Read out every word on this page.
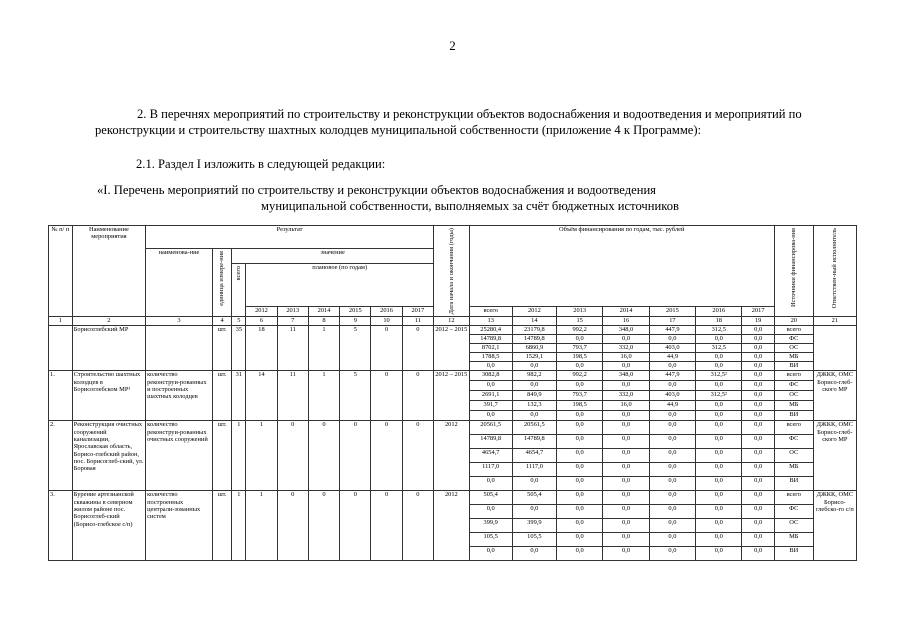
2
2. В перечнях мероприятий по строительству и реконструкции объектов водоснабжения и водоотведения и мероприятий по реконструкции и строительству шахтных колодцев муниципальной собственности (приложение 4 к Программе):
2.1. Раздел I изложить в следующей редакции:
«I. Перечень мероприятий по строительству и реконструкции объектов водоснабжения и водоотведения
муниципальной собственности, выполняемых за счёт бюджетных источников
№ п/ п	Наименование мероприятия	Результат									Дата начала и окончания (годы)	Объём финансирования по годам, тыс. рублей							Источники финансирова-ния	Ответствен-ный исполнитель

		наименова-ние	единица измере-ния	значение																

				всего	плановое (по годам)															
					2012	2013	2014	2015	2016	2017		всего	2012	2013	2014	2015	2016	2017		
1	2	3	4	5	6	7	8	9	10	11	12	13	14	15	16	17	18	19	20	21
	Борисоглебский МР		шт.	35	18	11	1	5	0	0	2012 – 2015	25280,4	23179,8	992,2	348,0	447,9	312,5	0,0	всего	
												14789,8	14789,8	0,0	0,0	0,0	0,0	0,0	ФС	
												8702,1	6860,9	793,7	332,0	403,0	312,5	0,0	ОС	
												1788,5	1529,1	198,5	16,0	44,9	0,0	0,0	МБ	
												0,0	0,0	0,0	0,0	0,0	0,0	0,0	ВИ	
1.	Строительство шахтных колодцев в Борисоглебском МР¹	количество реконструи-рованных и построенных шахтных колодцев	шт.	31	14	11	1	5	0	0	2012 – 2015	3082,8	982,2	992,2	348,0	447,9	312,5²	0,0	всего	ДЖКК, ОМС Борисо-глеб-ского МР
												0,0	0,0	0,0	0,0	0,0	0,0	0,0	ФС	
												2691,1	849,9	793,7	332,0	403,0	312,5²	0,0	ОС	
												391,7	132,3	198,5	16,0	44,9	0,0	0,0	МБ	
												0,0	0,0	0,0	0,0	0,0	0,0	0,0	ВИ	
2.	Реконструкция очистных сооружений канализации, Ярославская область, Борисо-глебский район, пос. Борисоглеб-ский, ул. Боровая	количество реконструи-рованных очистных сооружений	шт.	1	1	0	0	0	0	0	2012	20561,5	20561,5	0,0	0,0	0,0	0,0	0,0	всего	ДЖКК, ОМС Борисо-глеб-ского МР
												14789,8	14789,8	0,0	0,0	0,0	0,0	0,0	ФС	
												4654,7	4654,7	0,0	0,0	0,0	0,0	0,0	ОС	
												1117,0	1117,0	0,0	0,0	0,0	0,0	0,0	МБ	
												0,0	0,0	0,0	0,0	0,0	0,0	0,0	ВИ	
3.	Бурение артезианской скважины в северном жилом районе пос. Борисоглеб-ский (Борисо-глебское с/п)	количество построенных централи-зованных систем	шт.	1	1	0	0	0	0	0	2012	505,4	505,4	0,0	0,0	0,0	0,0	0,0	всего	ДЖКК, ОМС Борисо-глебско-го с/п
												0,0	0,0	0,0	0,0	0,0	0,0	0,0	ФС	
												399,9	399,9	0,0	0,0	0,0	0,0	0,0	ОС	
												105,5	105,5	0,0	0,0	0,0	0,0	0,0	МБ	
												0,0	0,0	0,0	0,0	0,0	0,0	0,0	ВИ	
